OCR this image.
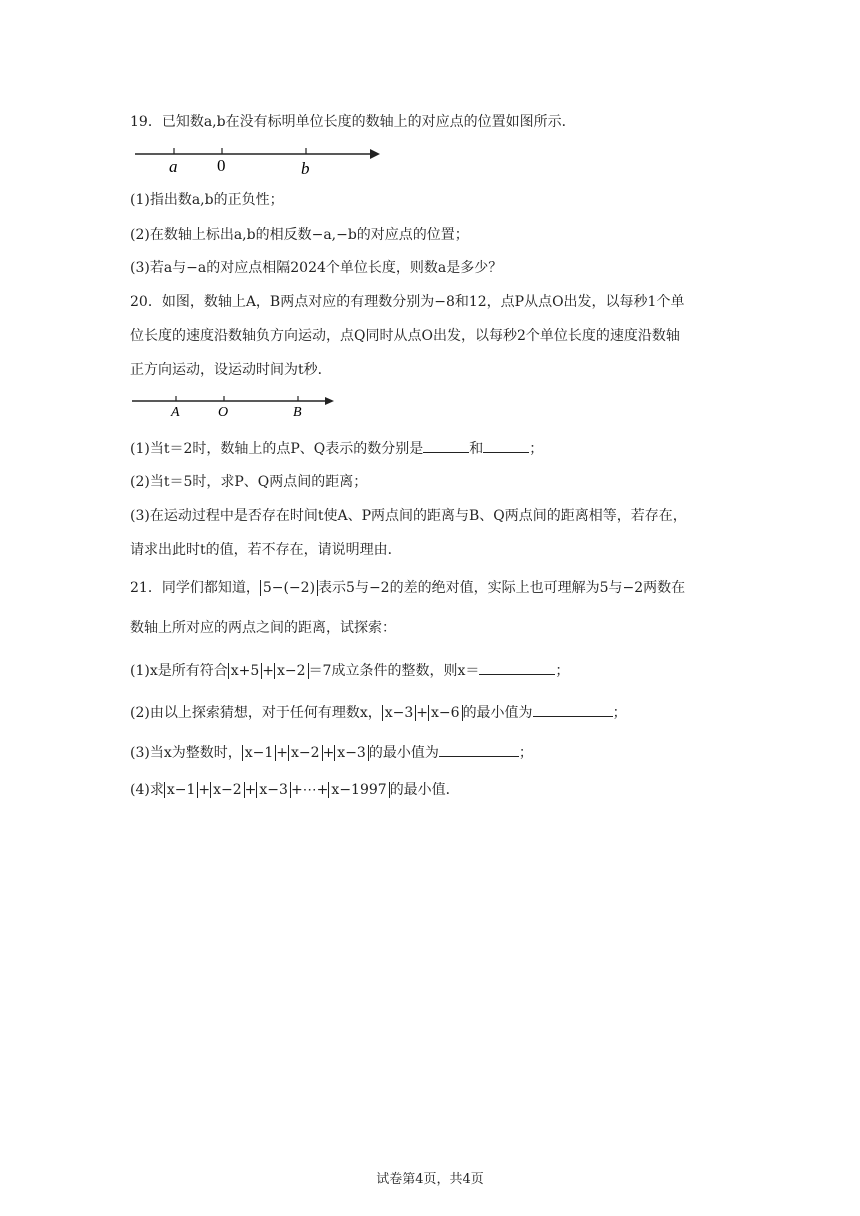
19．已知数a,b在没有标明单位长度的数轴上的对应点的位置如图所示．
a 0	b
(1)指出数a,b的正负性；
(2)在数轴上标出a,b的相反数−a,−b的对应点的位置；
(3)若a与−a的对应点相隔2024个单位长度，则数a是多少？
20．如图，数轴上A，B两点对应的有理数分别为−8和12，点P从点O出发，以每秒1个单
位长度的速度沿数轴负方向运动，点Q同时从点O出发，以每秒2个单位长度的速度沿数轴
正方向运动，设运动时间为t秒．
A	O	B
(1)当t＝2时，数轴上的点P、Q表示的数分别是	和	；
(2)当t＝5时，求P、Q两点间的距离；
(3)在运动过程中是否存在时间t使A、P两点间的距离与B、Q两点间的距离相等，若存在，
请求出此时t的值，若不存在，请说明理由．
21．同学们都知道， 5−(−2) 表示5与−2的差的绝对值，实际上也可理解为5与−2两数在
数轴上所对应的两点之间的距离，试探索：
(1)x是所有符合 x+5 + x−2 ＝7成立条件的整数，则x＝	；
(2)由以上探索猜想，对于任何有理数x， x−3 + x−6 的最小值为	；
(3)当x为整数时， x−1 + x−2 + x−3 的最小值为	；
(4)求 x−1 + x−2 + x−3 +⋯+ x−1997 的最小值．
试卷第4页，共4页
